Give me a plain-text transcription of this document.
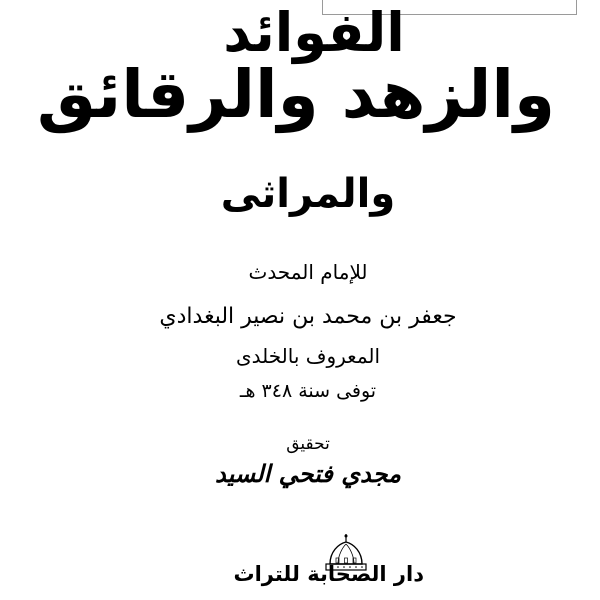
الفوائد
والزهد والرقائق
والمراثى
للإمام المحدث
جعفر بن محمد بن نصير البغدادي
المعروف بالخلدى
توفى سنة ٣٤٨ هـ
تحقيق
مجدي فتحي السيد
دار الصحابة للتراث
